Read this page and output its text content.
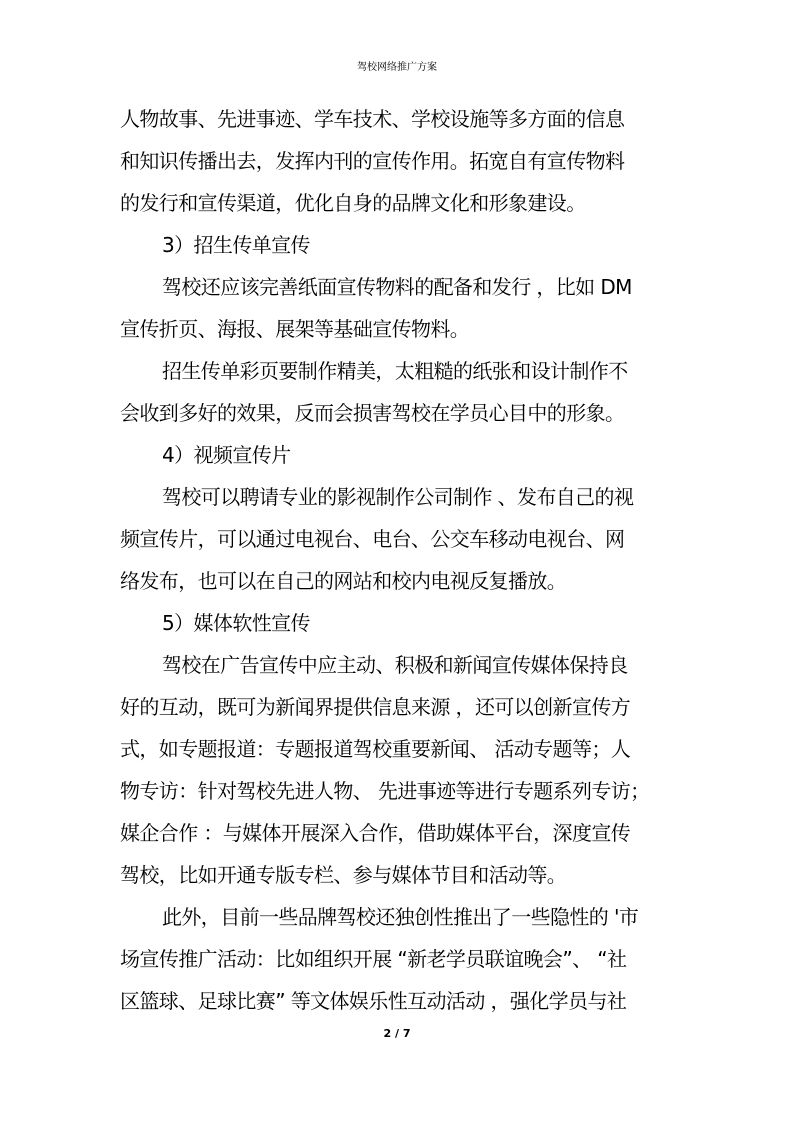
驾校网络推广方案
人物故事、先进事迹、学车技术、学校设施等多方面的信息
和知识传播出去，发挥内刊的宣传作用。拓宽自有宣传物料
的发行和宣传渠道，优化自身的品牌文化和形象建设。
3）招生传单宣传
驾校还应该完善纸面宣传物料的配备和发行 ，比如 DM
宣传折页、海报、展架等基础宣传物料。
招生传单彩页要制作精美，太粗糙的纸张和设计制作不
会收到多好的效果，反而会损害驾校在学员心目中的形象。
4）视频宣传片
驾校可以聘请专业的影视制作公司制作 、发布自己的视
频宣传片，可以通过电视台、电台、公交车移动电视台、网
络发布，也可以在自己的网站和校内电视反复播放。
5）媒体软性宣传
驾校在广告宣传中应主动、积极和新闻宣传媒体保持良
好的互动，既可为新闻界提供信息来源 ，还可以创新宣传方
式，如专题报道：专题报道驾校重要新闻、 活动专题等；人
物专访：针对驾校先进人物、 先进事迹等进行专题系列专访；
媒企合作 ：与媒体开展深入合作，借助媒体平台，深度宣传
驾校，比如开通专版专栏、参与媒体节目和活动等。
此外，目前一些品牌驾校还独创性推出了一些隐性的 '市
场宣传推广活动：比如组织开展 “新老学员联谊晚会”、 “社
区篮球、足球比赛” 等文体娱乐性互动活动 ，强化学员与社
2 / 7
